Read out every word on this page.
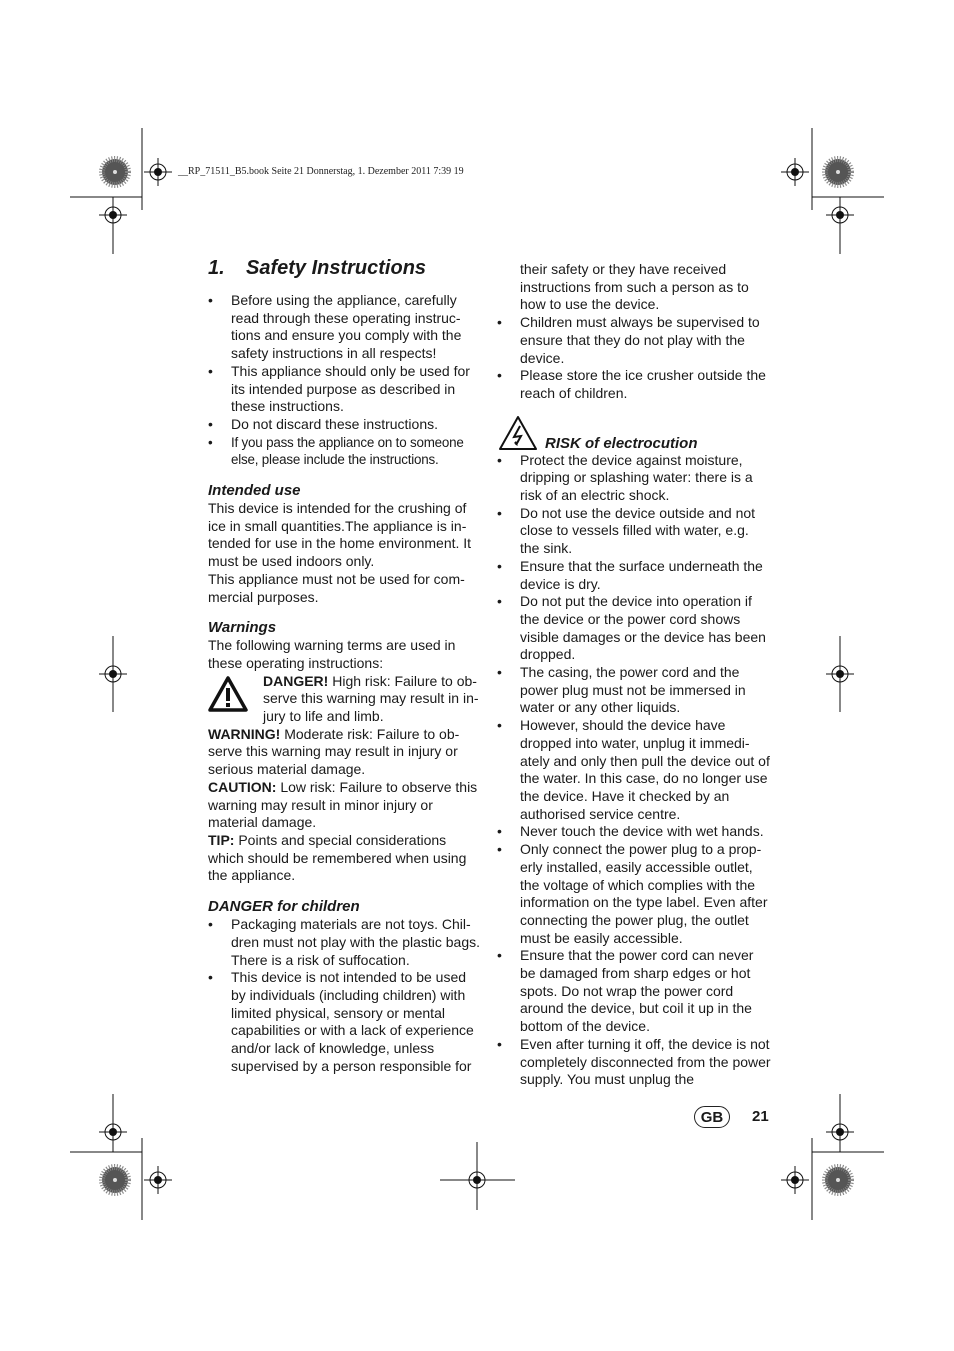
__RP_71511_B5.book Seite 21 Donnerstag, 1. Dezember 2011 7:39 19
1. Safety Instructions
• Before using the appliance, carefully read through these operating instruc-tions and ensure you comply with the safety instructions in all respects!
• This appliance should only be used for its intended purpose as described in these instructions.
• Do not discard these instructions.
• If you pass the appliance on to someone else, please include the instructions.
Intended use

This device is intended for the crushing of ice in small quantities.The appliance is in-tended for use in the home environment. It must be used indoors only.

This appliance must not be used for com-mercial purposes.

Warnings

The following warning terms are used in these operating instructions:

DANGER! High risk: Failure to ob-serve this warning may result in in-jury to life and limb.

WARNING! Moderate risk: Failure to ob-serve this warning may result in injury or serious material damage.

CAUTION: Low risk: Failure to observe this warning may result in minor injury or material damage.

TIP: Points and special considerations which should be remembered when using the appliance.

DANGER for children
• Packaging materials are not toys. Chil-dren must not play with the plastic bags. There is a risk of suffocation.
• This device is not intended to be used by individuals (including children) with limited physical, sensory or mental capabilities or with a lack of experience and/or lack of knowledge, unless supervised by a person responsible for

their safety or they have received instructions from such a person as to how to use the device.

• Children must always be supervised to ensure that they do not play with the device.
• Please store the ice crusher outside the reach of children.
RISK of electrocution
• Protect the device against moisture, dripping or splashing water: there is a risk of an electric shock.
• Do not use the device outside and not close to vessels filled with water, e.g. the sink.
• Ensure that the surface underneath the device is dry.
• Do not put the device into operation if the device or the power cord shows visible damages or the device has been dropped.
• The casing, the power cord and the power plug must not be immersed in water or any other liquids.
• However, should the device have dropped into water, unplug it immedi-ately and only then pull the device out of the water. In this case, do no longer use the device. Have it checked by an authorised service centre.
• Never touch the device with wet hands.
• Only connect the power plug to a prop-erly installed, easily accessible outlet, the voltage of which complies with the information on the type label. Even after connecting the power plug, the outlet must be easily accessible.
• Ensure that the power cord can never be damaged from sharp edges or hot spots. Do not wrap the power cord around the device, but coil it up in the bottom of the device.
• Even after turning it off, the device is not completely disconnected from the power supply. You must unplug the
GB	21
